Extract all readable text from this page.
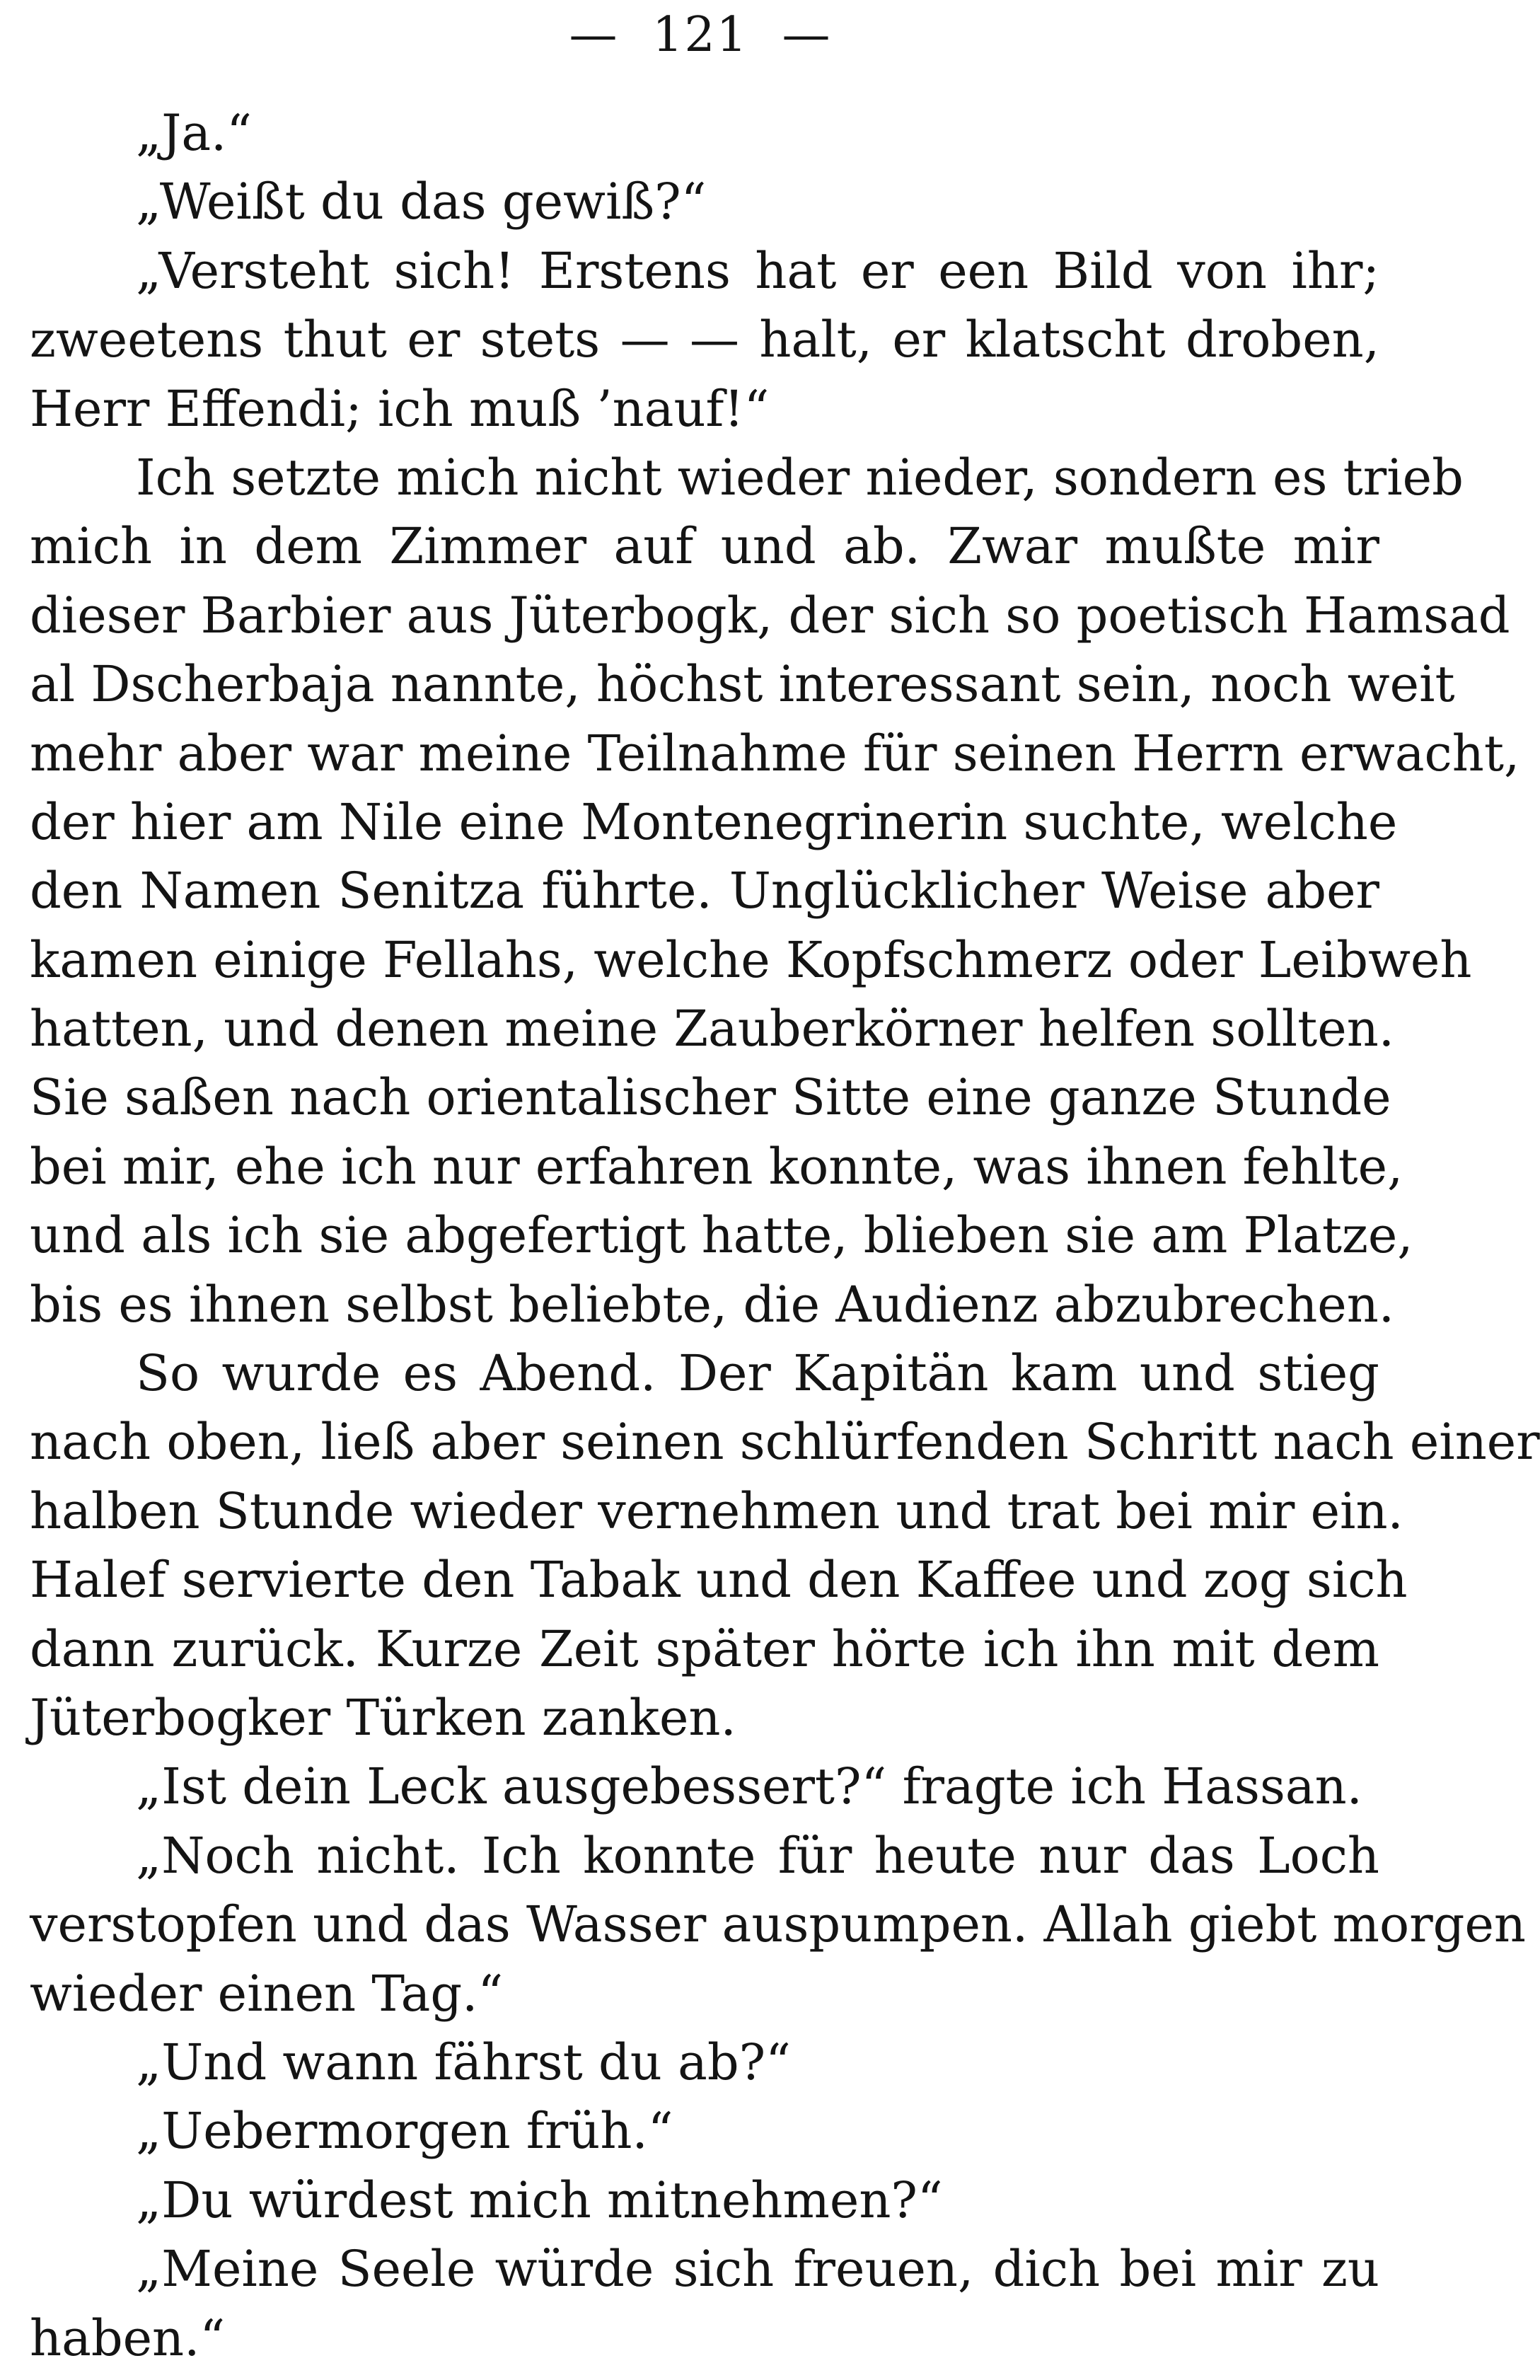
— 121 —
„Ja.“
„Weißt du das gewiß?“
„Versteht sich! Erstens hat er een Bild von ihr;
zweetens thut er stets — — halt, er klatscht droben,
Herr Effendi; ich muß ’nauf!“
Ich setzte mich nicht wieder nieder, sondern es trieb
mich in dem Zimmer auf und ab. Zwar mußte mir
dieser Barbier aus Jüterbogk, der sich so poetisch Hamsad
al Dscherbaja nannte, höchst interessant sein, noch weit
mehr aber war meine Teilnahme für seinen Herrn erwacht,
der hier am Nile eine Montenegrinerin suchte, welche
den Namen Senitza führte. Unglücklicher Weise aber
kamen einige Fellahs, welche Kopfschmerz oder Leibweh
hatten, und denen meine Zauberkörner helfen sollten.
Sie saßen nach orientalischer Sitte eine ganze Stunde
bei mir, ehe ich nur erfahren konnte, was ihnen fehlte,
und als ich sie abgefertigt hatte, blieben sie am Platze,
bis es ihnen selbst beliebte, die Audienz abzubrechen.
So wurde es Abend. Der Kapitän kam und stieg
nach oben, ließ aber seinen schlürfenden Schritt nach einer
halben Stunde wieder vernehmen und trat bei mir ein.
Halef servierte den Tabak und den Kaffee und zog sich
dann zurück. Kurze Zeit später hörte ich ihn mit dem
Jüterbogker Türken zanken.
„Ist dein Leck ausgebessert?“ fragte ich Hassan.
„Noch nicht. Ich konnte für heute nur das Loch
verstopfen und das Wasser auspumpen. Allah giebt morgen
wieder einen Tag.“
„Und wann fährst du ab?“
„Uebermorgen früh.“
„Du würdest mich mitnehmen?“
„Meine Seele würde sich freuen, dich bei mir zu
haben.“
